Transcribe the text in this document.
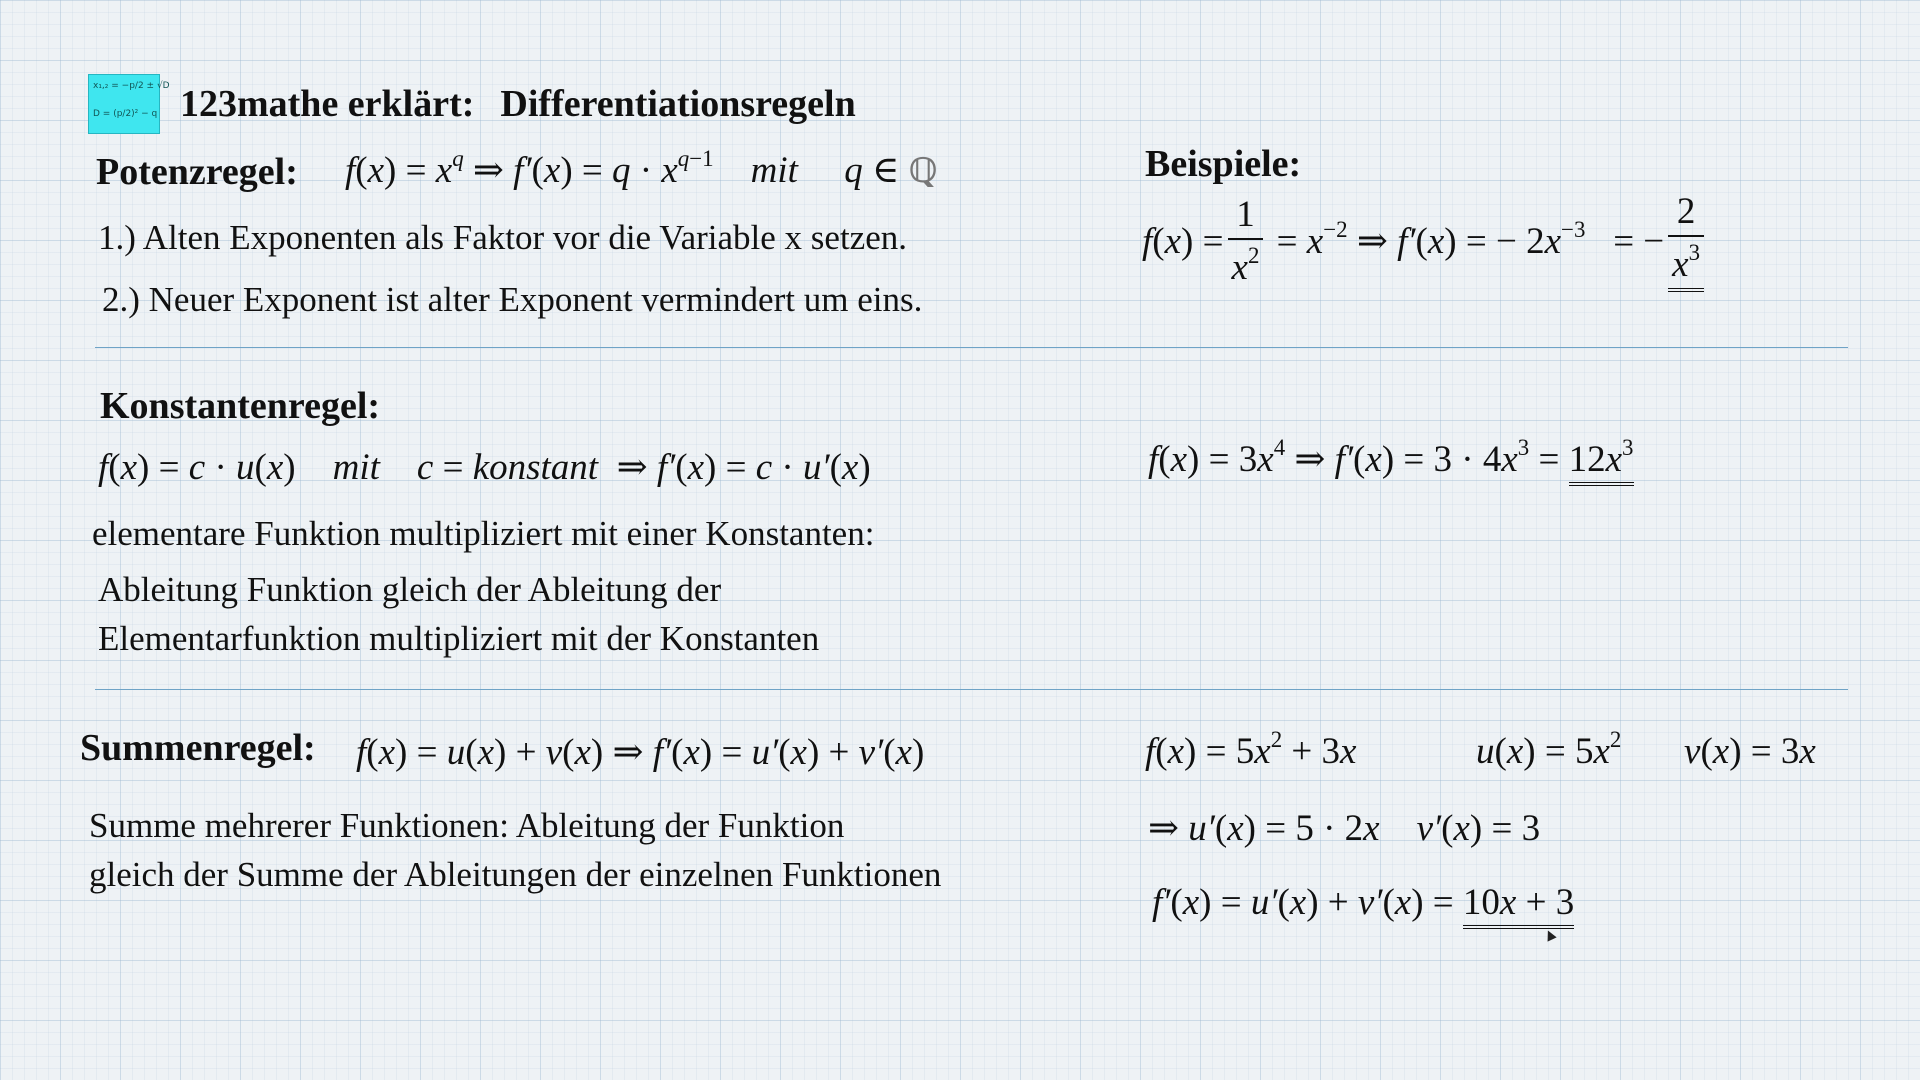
x₁,₂ = −p/2 ± √D
D = (p/2)² − q 123mathe erklärt: Differentiationsregeln
Potenzregel: $f(x) = x^q$ ⇒ $f'(x) = q \cdot x^{q-1}$ mit q ∈ ℚ
1.) Alten Exponenten als Faktor vor die Variable x setzen.
2.) Neuer Exponent ist alter Exponent vermindert um eins.
Beispiele:
$f(x) = \frac{1}{x^2} = x^{-2}$ ⇒ f′(x) = − $2x^{-3}$   = − $\frac{2}{x^3}$
Konstantenregel:
f(x) = c · u(x)    mit c = konstant  ⇒ f′(x) = c · u′(x)	$f(x) = 3x^4$ ⇒ $f'(x) = 3 \cdot 4x^3 = 12x^3$
elementare Funktion multipliziert mit einer Konstanten:
Ableitung Funktion gleich der Ableitung der
Elementarfunktion multipliziert mit der Konstanten
Summenregel: f(x) = u(x) + v(x) ⇒ f′(x) = u′(x) + v′(x)	$f(x) = 5x^2 + 3x$	$u(x) = 5x^2$ v(x) = 3x
Summe mehrerer Funktionen: Ableitung der Funktion
gleich der Summe der Ableitungen der einzelnen Funktionen
⇒ u′(x) = 5 · 2x v′(x) = 3
f′(x) = u′(x) + v′(x) = 10x + 3
